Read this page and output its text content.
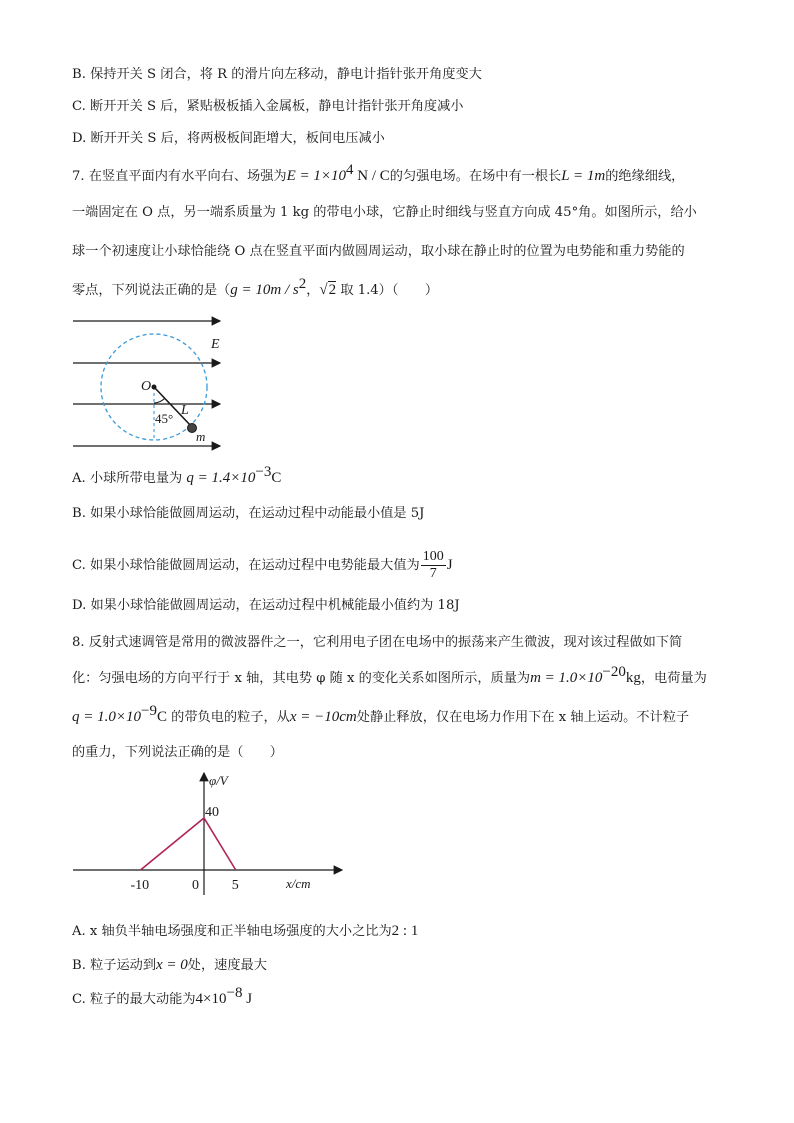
B. 保持开关 S 闭合，将 R 的滑片向左移动，静电计指针张开角度变大
C. 断开开关 S 后，紧贴极板插入金属板，静电计指针张开角度减小
D. 断开开关 S 后，将两极板间距增大，板间电压减小
7. 在竖直平面内有水平向右、场强为$E = 1\times 10^4$ N / C的匀强电场。在场中有一根长L = 1m的绝缘细线，
一端固定在 O 点，另一端系质量为 1 kg 的带电小球，它静止时细线与竖直方向成 45°角。如图所示，给小
球一个初速度让小球恰能绕 O 点在竖直平面内做圆周运动，取小球在静止时的位置为电势能和重力势能的
零点，下列说法正确的是（$g = 10m / s^2$，√2 取 1.4）（　　）
E
O
L
45°
m
A. 小球所带电量为 $q = 1.4\times 10^{-3}C$
B. 如果小球恰能做圆周运动，在运动过程中动能最小值是 5J
C. 如果小球恰能做圆周运动，在运动过程中电势能最大值为 $\frac{100}{7}$ J
D. 如果小球恰能做圆周运动，在运动过程中机械能最小值约为 18J
8. 反射式速调管是常用的微波器件之一，它利用电子团在电场中的振荡来产生微波，现对该过程做如下简
化：匀强电场的方向平行于 x 轴，其电势 φ 随 x 的变化关系如图所示，质量为$m = 1.0\times 10^{-20}kg$，电荷量为
$q = 1.0\times 10^{-9}C$ 的带负电的粒子，从x = −10cm处静止释放，仅在电场力作用下在 x 轴上运动。不计粒子
的重力，下列说法正确的是（　　）
φ/V
x/cm
40
-10	0 5
A. x 轴负半轴电场强度和正半轴电场强度的大小之比为2 : 1
B. 粒子运动到x = 0处，速度最大
C. 粒子的最大动能为$4\times 10^{-8}$ J
